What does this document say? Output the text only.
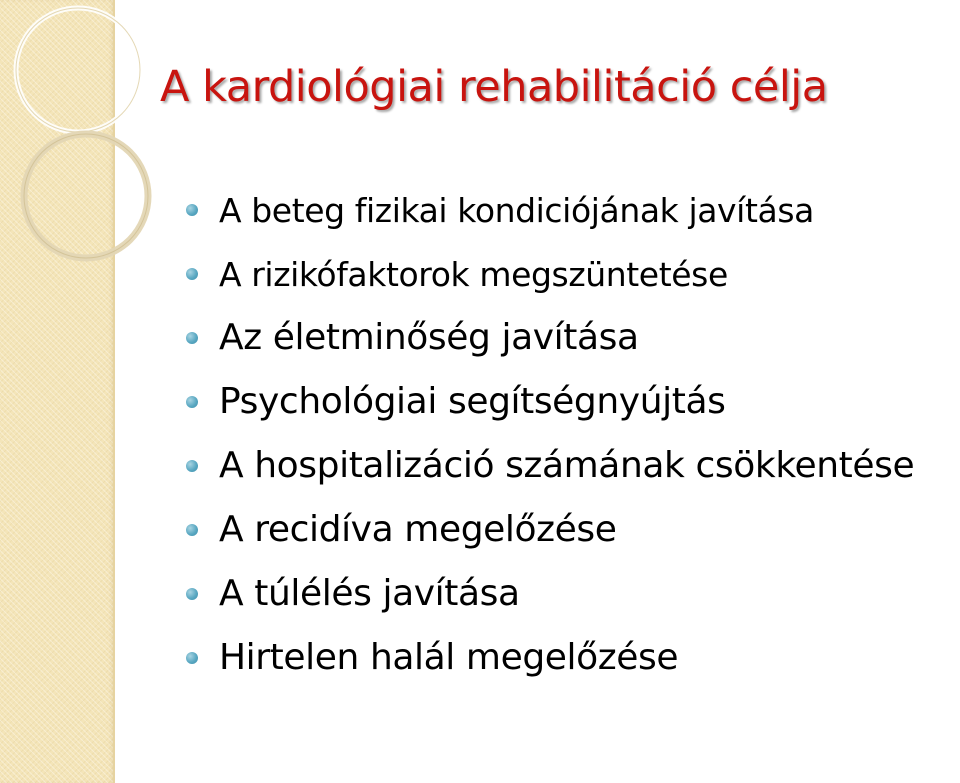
A kardiológiai rehabilitáció célja
A beteg fizikai kondiciójának javítása
A rizikófaktorok megszüntetése
Az életminőség javítása
Psychológiai segítségnyújtás
A hospitalizáció számának csökkentése
A recidíva megelőzése
A túlélés javítása
Hirtelen halál megelőzése
